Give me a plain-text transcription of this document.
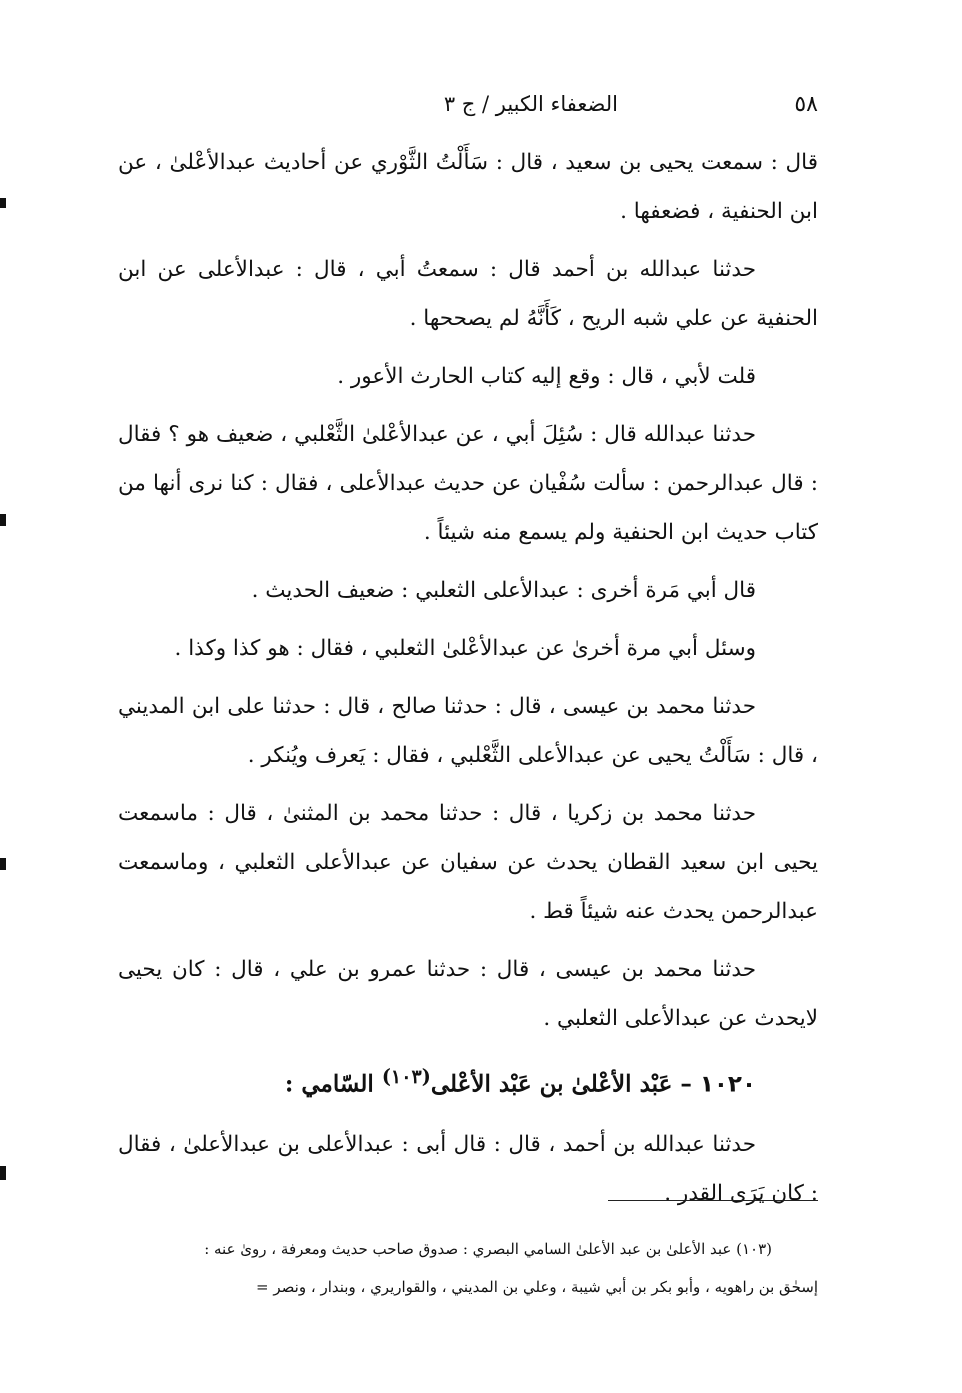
٥٨
الضعفاء الكبير / ج ٣

قال : سمعت يحيى بن سعيد ، قال : سَأَلْتُ الثَّوْري عن أحاديث عبدالأعْلىٰ ، عن ابن الحنفية ، فضعفها .

حدثنا عبدالله بن أحمد قال : سمعتُ أبي ، قال : عبدالأعلى عن ابن الحنفية عن علي شبه الريح ، كَأَنَّهُ لم يصححها .

قلت لأبي ، قال : وقع إليه كتاب الحارث الأعور .

حدثنا عبدالله قال : سُئِلَ أبي ، عن عبدالأعْلىٰ الثَّعْلبي ، ضعيف هو ؟ فقال : قال عبدالرحمن : سألت سُفْيان عن حديث عبدالأعلى ، فقال : كنا نرى أنها من كتاب حديث ابن الحنفية ولم يسمع منه شيئاً .

قال أبي مَرة أخرى : عبدالأعلى الثعلبي : ضعيف الحديث .

وسئل أبي مرة أخرىٰ عن عبدالأعْلىٰ الثعلبي ، فقال : هو كذا وكذا .

حدثنا محمد بن عيسى ، قال : حدثنا صالح ، قال : حدثنا على ابن المديني ، قال : سَأَلْتُ يحيى عن عبدالأعلى الثَّعْلبي ، فقال : يَعرف ويُنكر .

حدثنا محمد بن زكريا ، قال : حدثنا محمد بن المثنىٰ ، قال : ماسمعت يحيى ابن سعيد القطان يحدث عن سفيان عن عبدالأعلى الثعلبي ، وماسمعت عبدالرحمن يحدث عنه شيئاً قط .

حدثنا محمد بن عيسى ، قال : حدثنا عمرو بن علي ، قال : كان يحيى لايحدث عن عبدالأعلى الثعلبي .

١٠٢٠ – عَبْد الأعْلىٰ بن عَبْد الأعْلى$^{(١٠٣)}$ السّامي :

حدثنا عبدالله بن أحمد ، قال : قال أبى : عبدالأعلى بن عبدالأعلىٰ ، فقال : كان يَرَى القدر .

(١٠٣) عبد الأعلىٰ بن عبد الأعلىٰ السامي البصري : صدوق صاحب حديث ومعرفة ، روىٰ عنه :

إسحٰق بن راهويه ، وأبو بكر بن أبي شيبة ، وعلي بن المديني ، والقواريري ، وبندار ، ونصر =
